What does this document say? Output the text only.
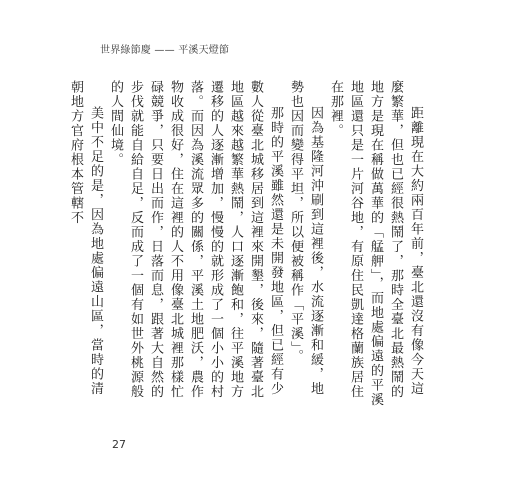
世界綠節慶 —— 平溪天燈節

距離現在大約兩百年前，臺北還沒有像今天這麼繁華，但也已經很熱鬧了，那時全臺北最熱鬧的地方是現在稱做萬華的「艋舺」，而地處偏遠的平溪地區還只是一片河谷地，有原住民凱達格蘭族居住在那裡。

因為基隆河沖刷到這裡後，水流逐漸和緩，地勢也因而變得平坦，所以便被稱作「平溪」。

那時的平溪雖然還是未開發地區，但已經有少數人從臺北城移居到這裡來開墾，後來，隨著臺北地區越來越繁華熱鬧，人口逐漸飽和，往平溪地方遷移的人逐漸增加，慢慢的就形成了一個小小的村落。而因為溪流眾多的關係，平溪土地肥沃，農作物收成很好，住在這裡的人不用像臺北城裡那樣忙碌競爭，只要日出而作，日落而息，跟著大自然的步伐就能自給自足，反而成了一個有如世外桃源般的人間仙境。

美中不足的是，因為地處偏遠山區，當時的清朝地方官府根本管轄不

27
